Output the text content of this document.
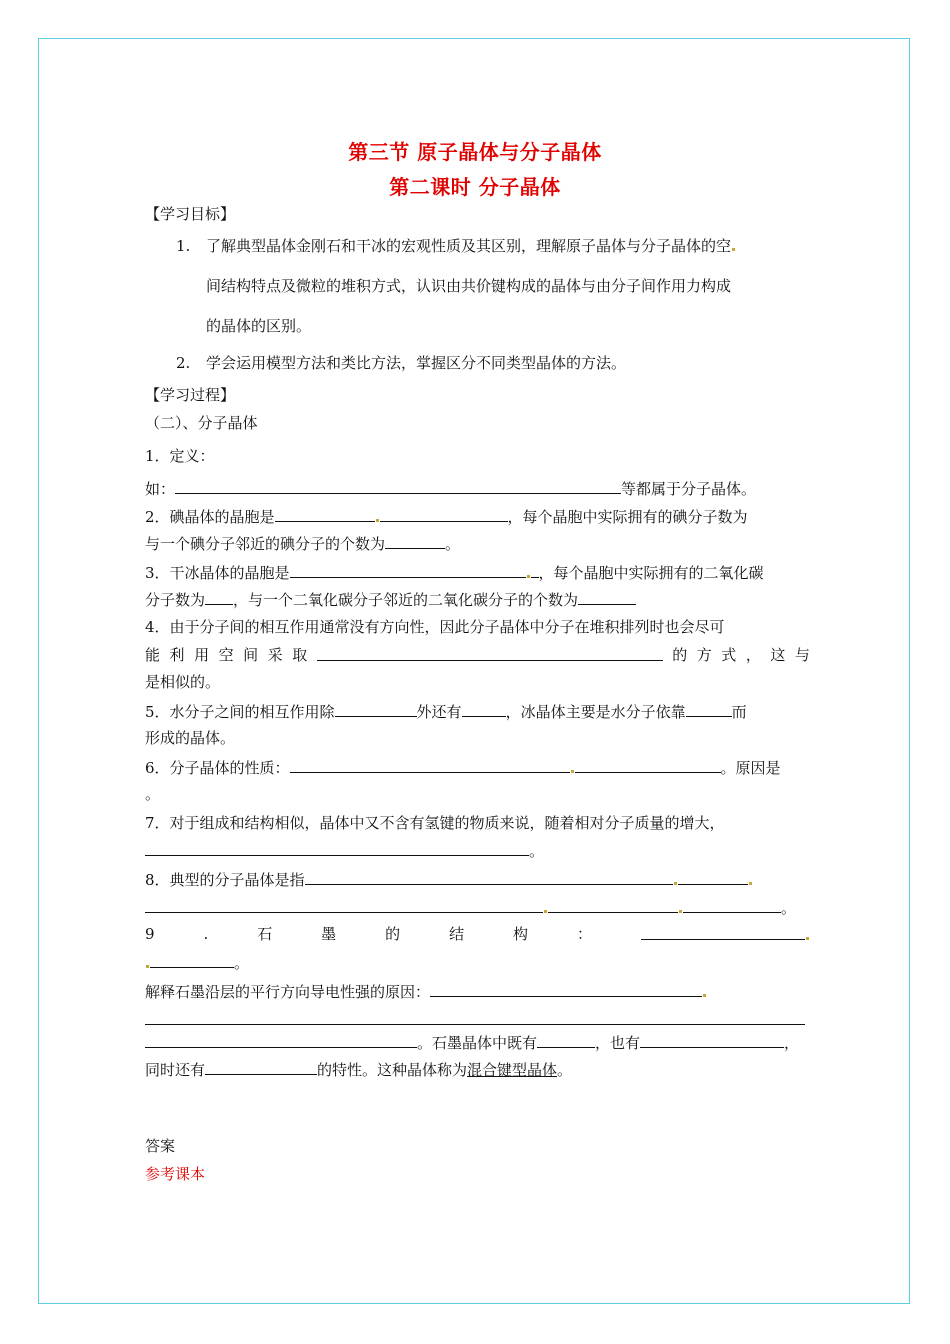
第三节 原子晶体与分子晶体
第二课时 分子晶体
【学习目标】
1. 了解典型晶体金刚石和干冰的宏观性质及其区别，理解原子晶体与分子晶体的空
间结构特点及微粒的堆积方式，认识由共价键构成的晶体与由分子间作用力构成
的晶体的区别。
2. 学会运用模型方法和类比方法，掌握区分不同类型晶体的方法。
【学习过程】
（二）、分子晶体
1．定义：
如：	等都属于分子晶体。
2．碘晶体的晶胞是	，每个晶胞中实际拥有的碘分子数为
与一个碘分子邻近的碘分子的个数为	。
3．干冰晶体的晶胞是	，每个晶胞中实际拥有的二氧化碳
分子数为 ，与一个二氧化碳分子邻近的二氧化碳分子的个数为
4．由于分子间的相互作用通常没有方向性，因此分子晶体中分子在堆积排列时也会尽可
能 利 用 空 间 采 取	的 方 式 ， 这 与
是相似的。
5．水分子之间的相互作用除	外还有	，冰晶体主要是水分子依靠	而
形成的晶体。
6．分子晶体的性质：	。原因是
。
7．对于组成和结构相似，晶体中又不含有氢键的物质来说，随着相对分子质量的增大，
。
8．典型的分子晶体是指
。
9	.	石	墨	的	结	构	：
。
解释石墨沿层的平行方向导电性强的原因：
。石墨晶体中既有	，也有	，
同时还有	的特性。这种晶体称为混合键型晶体。
答案
参考课本
